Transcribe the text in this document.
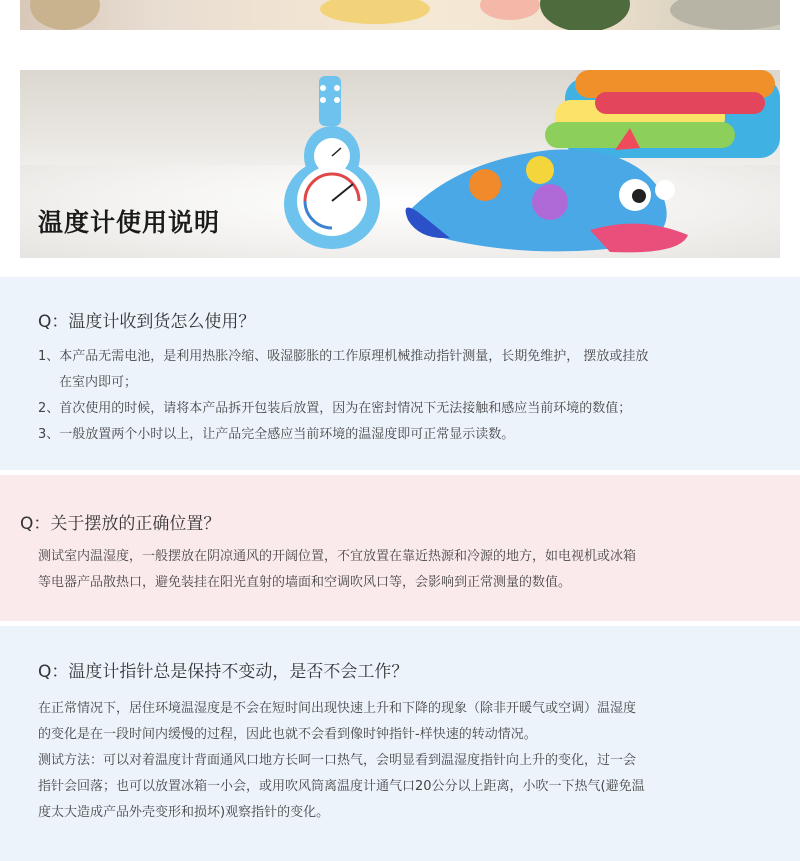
温度计使用说明
Q：温度计收到货怎么使用？
1、本产品无需电池，是利用热胀冷缩、吸湿膨胀的工作原理机械推动指针测量，长期免维护， 摆放或挂放
在室内即可；
2、首次使用的时候，请将本产品拆开包装后放置，因为在密封情况下无法接触和感应当前环境的数值；
3、一般放置两个小时以上，让产品完全感应当前环境的温湿度即可正常显示读数。
Q：关于摆放的正确位置？

测试室内温湿度，一般摆放在阴凉通风的开阔位置，不宜放置在靠近热源和冷源的地方，如电视机或冰箱

等电器产品散热口，避免装挂在阳光直射的墙面和空调吹风口等，会影响到正常测量的数值。

Q：温度计指针总是保持不变动，是否不会工作？

在正常情况下，居住环境温湿度是不会在短时间出现快速上升和下降的现象（除非开暖气或空调）温湿度

的变化是在一段时间内缓慢的过程，因此也就不会看到像时钟指针-样快速的转动情况。

测试方法：可以对着温度计背面通风口地方长呵一口热气，会明显看到温湿度指针向上升的变化，过一会

指针会回落；也可以放置冰箱一小会，或用吹风筒离温度计通气口20公分以上距离，小吹一下热气(避免温

度太大造成产品外壳变形和损坏)观察指针的变化。
